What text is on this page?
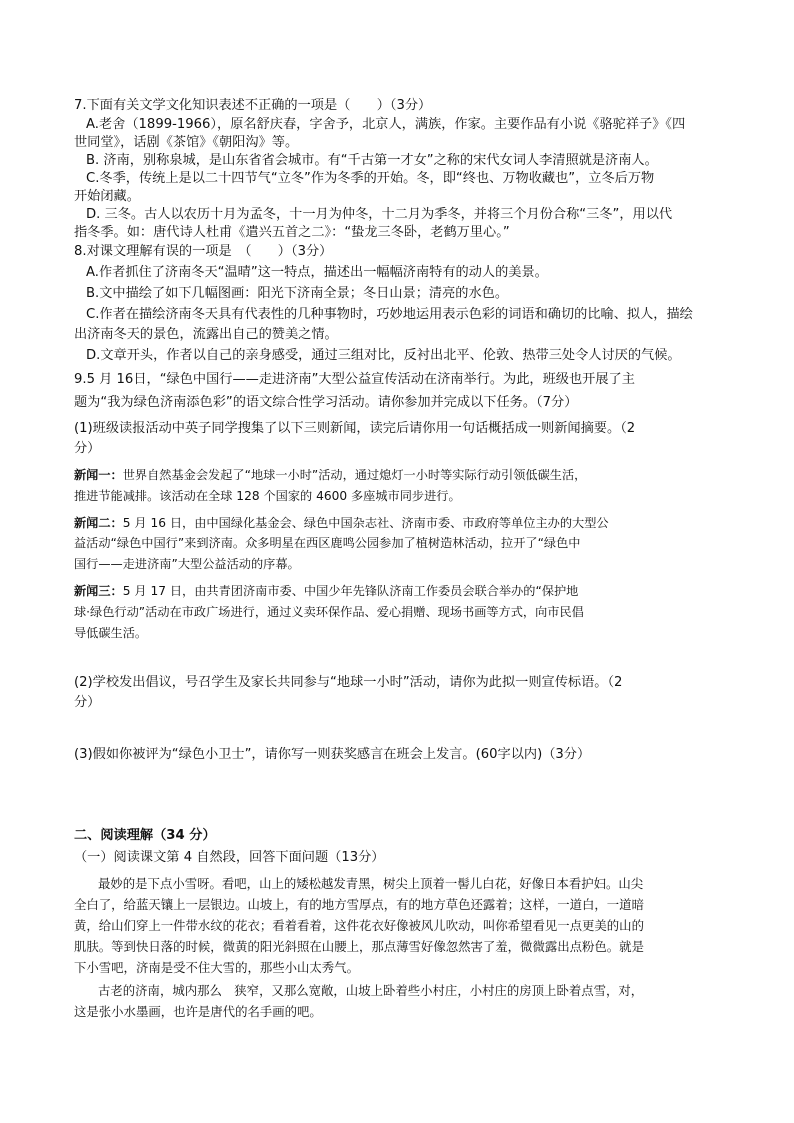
7.下面有关文学文化知识表述不正确的一项是（　　）（3分）
A.老舍（1899-1966），原名舒庆春，字舍予，北京人，满族，作家。主要作品有小说《骆驼祥子》《四
世同堂》，话剧《茶馆》《朝阳沟》等。
B. 济南，别称泉城，是山东省省会城市。有“千古第一才女”之称的宋代女词人李清照就是济南人。
C.冬季，传统上是以二十四节气“立冬”作为冬季的开始。冬，即“终也、万物收藏也”，立冬后万物
开始闭藏。
D. 三冬。古人以农历十月为孟冬，十一月为仲冬，十二月为季冬，并将三个月份合称“三冬”，用以代
指冬季。如：唐代诗人杜甫《遣兴五首之二》：“蛰龙三冬卧，老鹤万里心。”
8.对课文理解有误的一项是　（　　）（3分）
A.作者抓住了济南冬天“温晴”这一特点，描述出一幅幅济南特有的动人的美景。
B.文中描绘了如下几幅图画：阳光下济南全景；冬日山景；清亮的水色。
C.作者在描绘济南冬天具有代表性的几种事物时，巧妙地运用表示色彩的词语和确切的比喻、拟人，描绘
出济南冬天的景色，流露出自己的赞美之情。
D.文章开头，作者以自己的亲身感受，通过三组对比，反衬出北平、伦敦、热带三处令人讨厌的气候。
9.5 月 16日，“绿色中国行——走进济南”大型公益宣传活动在济南举行。为此，班级也开展了主
题为“我为绿色济南添色彩”的语文综合性学习活动。请你参加并完成以下任务。（7分）
(1)班级读报活动中英子同学搜集了以下三则新闻，读完后请你用一句话概括成一则新闻摘要。（2
分）
新闻一：世界自然基金会发起了“地球一小时”活动，通过熄灯一小时等实际行动引领低碳生活，
推进节能减排。该活动在全球 128 个国家的 4600 多座城市同步进行。
新闻二：5 月 16 日，由中国绿化基金会、绿色中国杂志社、济南市委、市政府等单位主办的大型公
益活动“绿色中国行”来到济南。众多明星在西区鹿鸣公园参加了植树造林活动，拉开了“绿色中
国行——走进济南”大型公益活动的序幕。
新闻三：5 月 17 日，由共青团济南市委、中国少年先锋队济南工作委员会联合举办的“保护地
球·绿色行动”活动在市政广场进行，通过义卖环保作品、爱心捐赠、现场书画等方式，向市民倡
导低碳生活。
(2)学校发出倡议，号召学生及家长共同参与“地球一小时”活动，请你为此拟一则宣传标语。（2
分）
(3)假如你被评为“绿色小卫士”，请你写一则获奖感言在班会上发言。(60字以内)（3分）
二、阅读理解（34 分）
（一）阅读课文第 4 自然段，回答下面问题（13分）
最妙的是下点小雪呀。看吧，山上的矮松越发青黑，树尖上顶着一髻儿白花，好像日本看护妇。山尖
全白了，给蓝天镶上一层银边。山坡上，有的地方雪厚点，有的地方草色还露着；这样，一道白，一道暗
黄，给山们穿上一件带水纹的花衣；看着看着，这件花衣好像被风儿吹动，叫你希望看见一点更美的山的
肌肤。等到快日落的时候，微黄的阳光斜照在山腰上，那点薄雪好像忽然害了羞，微微露出点粉色。就是
下小雪吧，济南是受不住大雪的，那些小山太秀气。
古老的济南，城内那么　狭窄，又那么宽敞，山坡上卧着些小村庄，小村庄的房顶上卧着点雪，对，
这是张小水墨画，也许是唐代的名手画的吧。
